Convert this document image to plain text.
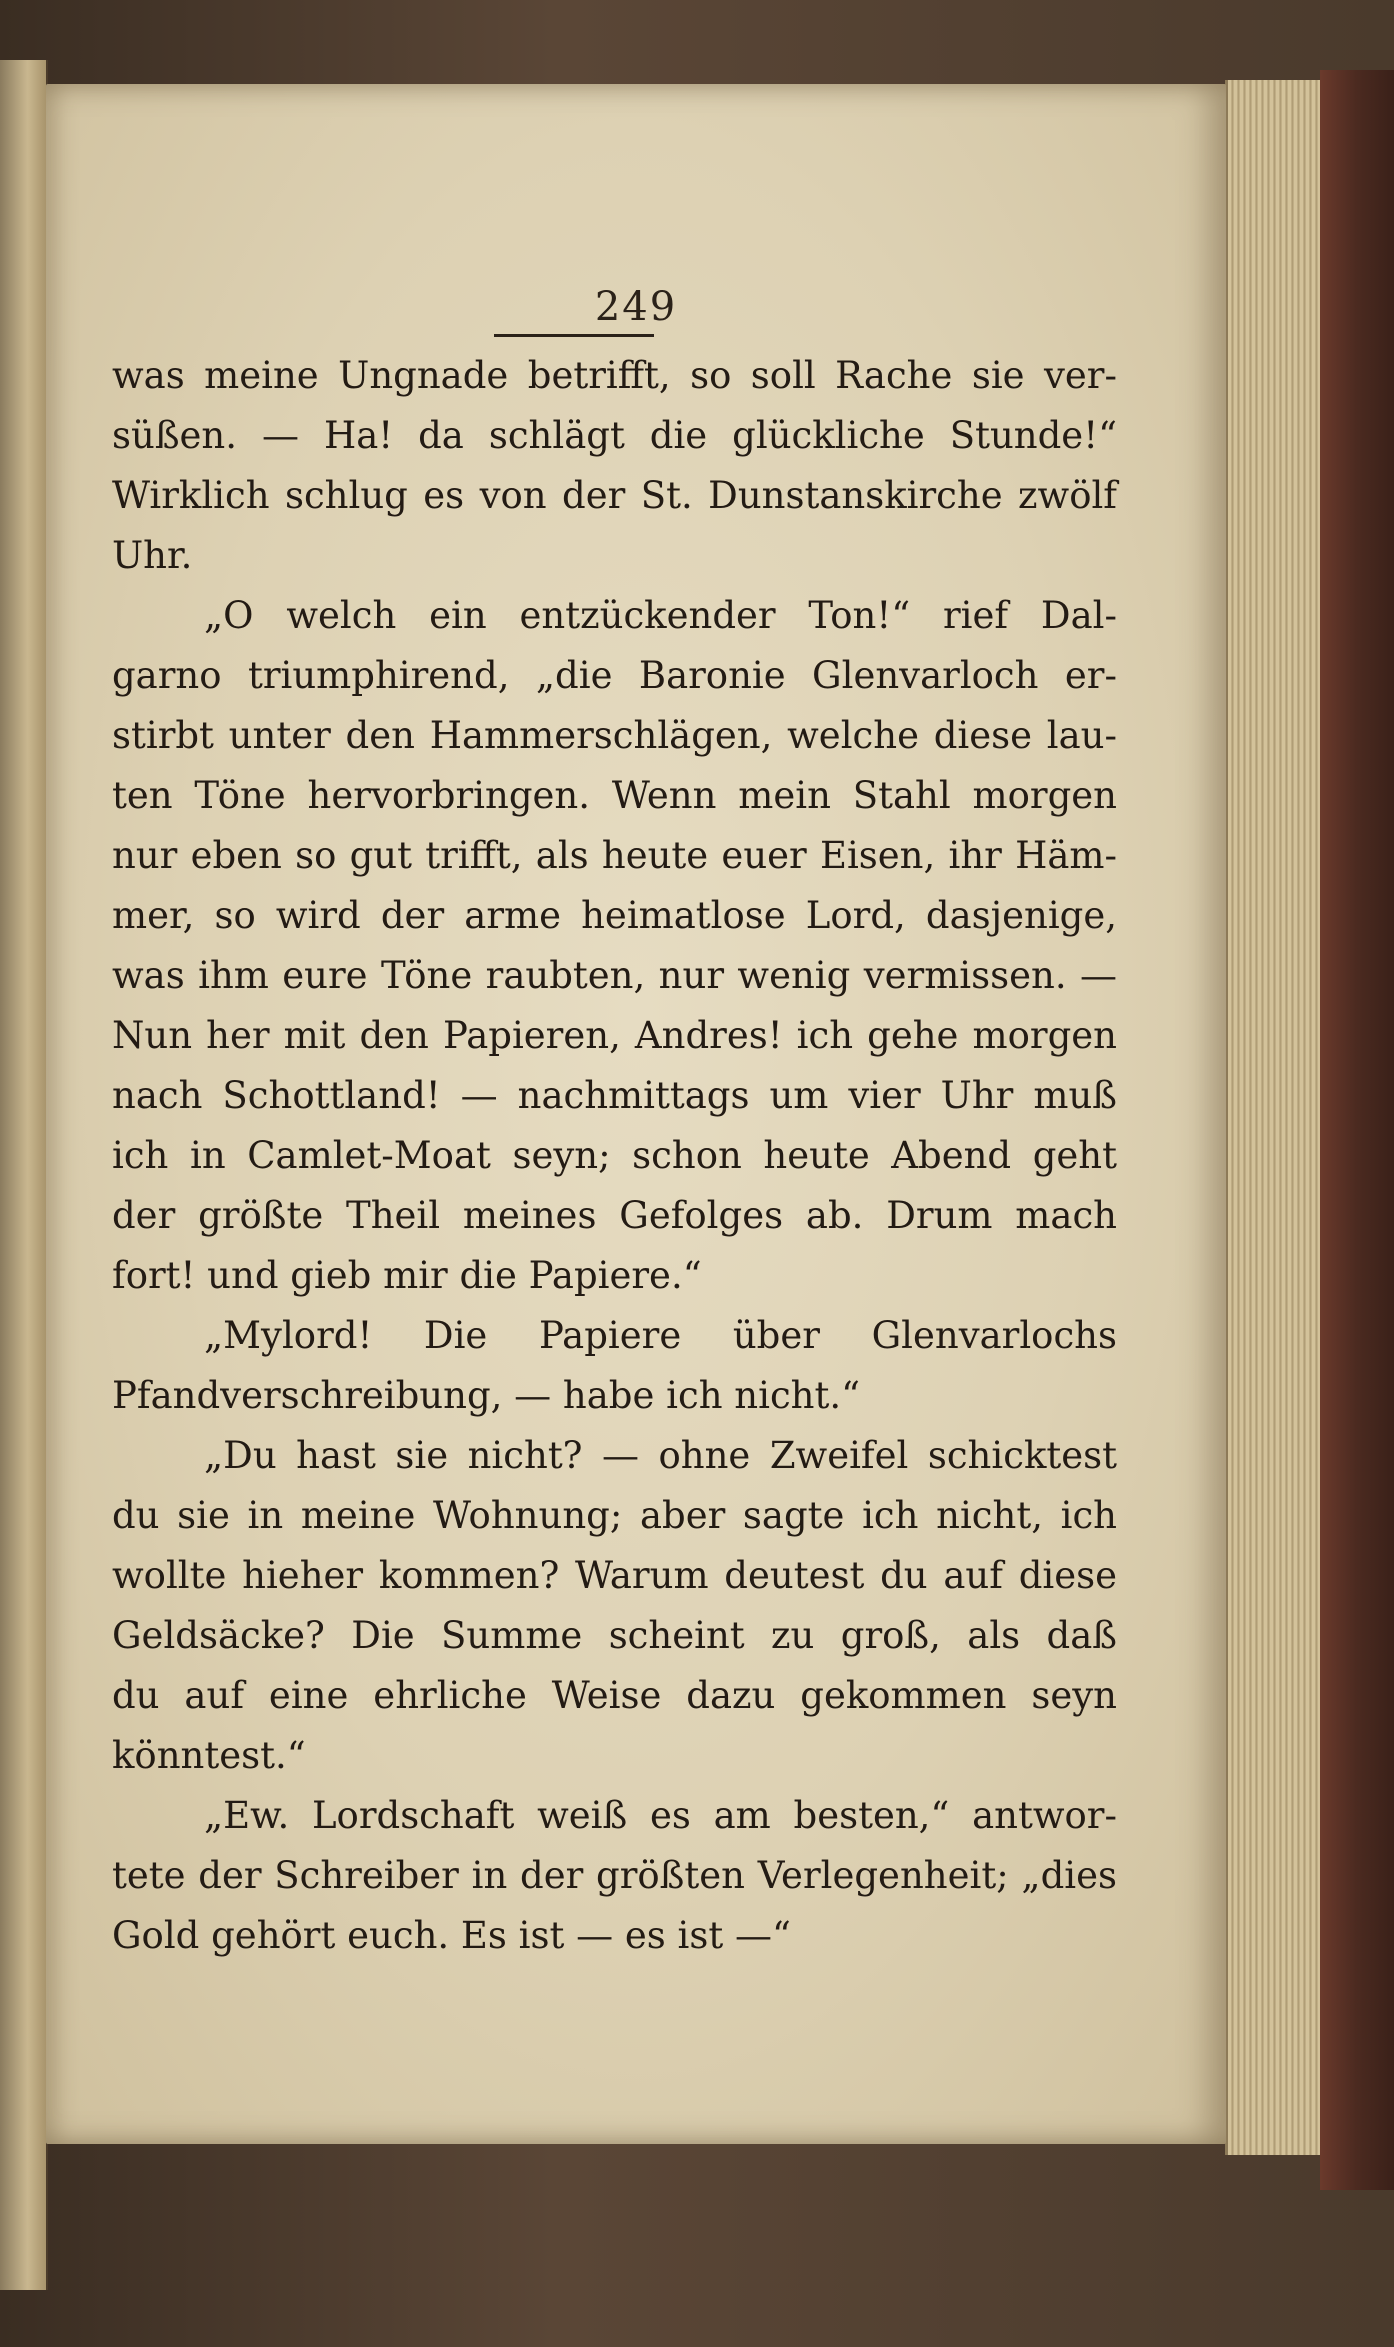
249
was meine Ungnade betrifft, so soll Rache sie ver-
süßen. — Ha! da schlägt die glückliche Stunde!“
Wirklich schlug es von der St. Dunstanskirche zwölf
Uhr.
„O welch ein entzückender Ton!“ rief Dal-
garno triumphirend, „die Baronie Glenvarloch er-
stirbt unter den Hammerschlägen, welche diese lau-
ten Töne hervorbringen. Wenn mein Stahl morgen
nur eben so gut trifft, als heute euer Eisen, ihr Häm-
mer, so wird der arme heimatlose Lord, dasjenige,
was ihm eure Töne raubten, nur wenig vermissen. —
Nun her mit den Papieren, Andres! ich gehe morgen
nach Schottland! — nachmittags um vier Uhr muß
ich in Camlet-Moat seyn; schon heute Abend geht
der größte Theil meines Gefolges ab. Drum mach
fort! und gieb mir die Papiere.“
„Mylord! Die Papiere über Glenvarlochs
Pfandverschreibung, — habe ich nicht.“
„Du hast sie nicht? — ohne Zweifel schicktest
du sie in meine Wohnung; aber sagte ich nicht, ich
wollte hieher kommen? Warum deutest du auf diese
Geldsäcke? Die Summe scheint zu groß, als daß
du auf eine ehrliche Weise dazu gekommen seyn
könntest.“
„Ew. Lordschaft weiß es am besten,“ antwor-
tete der Schreiber in der größten Verlegenheit; „dies
Gold gehört euch. Es ist — es ist —“
